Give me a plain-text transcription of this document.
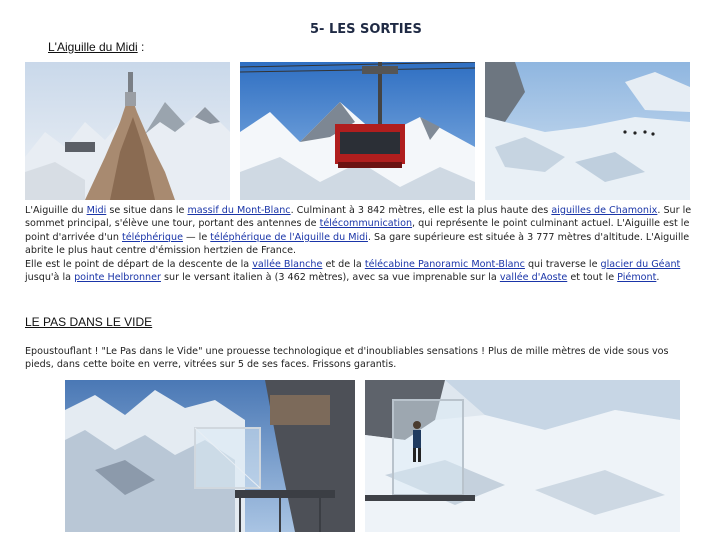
5- LES SORTIES
L'Aiguille du Midi :
L'Aiguille du Midi se situe dans le massif du Mont-Blanc. Culminant à 3 842 mètres, elle est la plus haute des aiguilles de Chamonix. Sur le sommet principal, s'élève une tour, portant des antennes de télécommunication, qui représente le point culminant actuel. L'Aiguille est le point d'arrivée d'un téléphérique — le téléphérique de l'Aiguille du Midi. Sa gare supérieure est située à 3 777 mètres d'altitude. L'Aiguille abrite le plus haut centre d'émission hertzien de France.
Elle est le point de départ de la descente de la vallée Blanche et de la télécabine Panoramic Mont-Blanc qui traverse le glacier du Géant jusqu'à la pointe Helbronner sur le versant italien à (3 462 mètres), avec sa vue imprenable sur la vallée d'Aoste et tout le Piémont.
LE PAS DANS LE VIDE
Epoustouflant ! "Le Pas dans le Vide" une prouesse technologique et d'inoubliables sensations ! Plus de mille mètres de vide sous vos pieds, dans cette boite en verre, vitrées sur 5 de ses faces. Frissons garantis.
